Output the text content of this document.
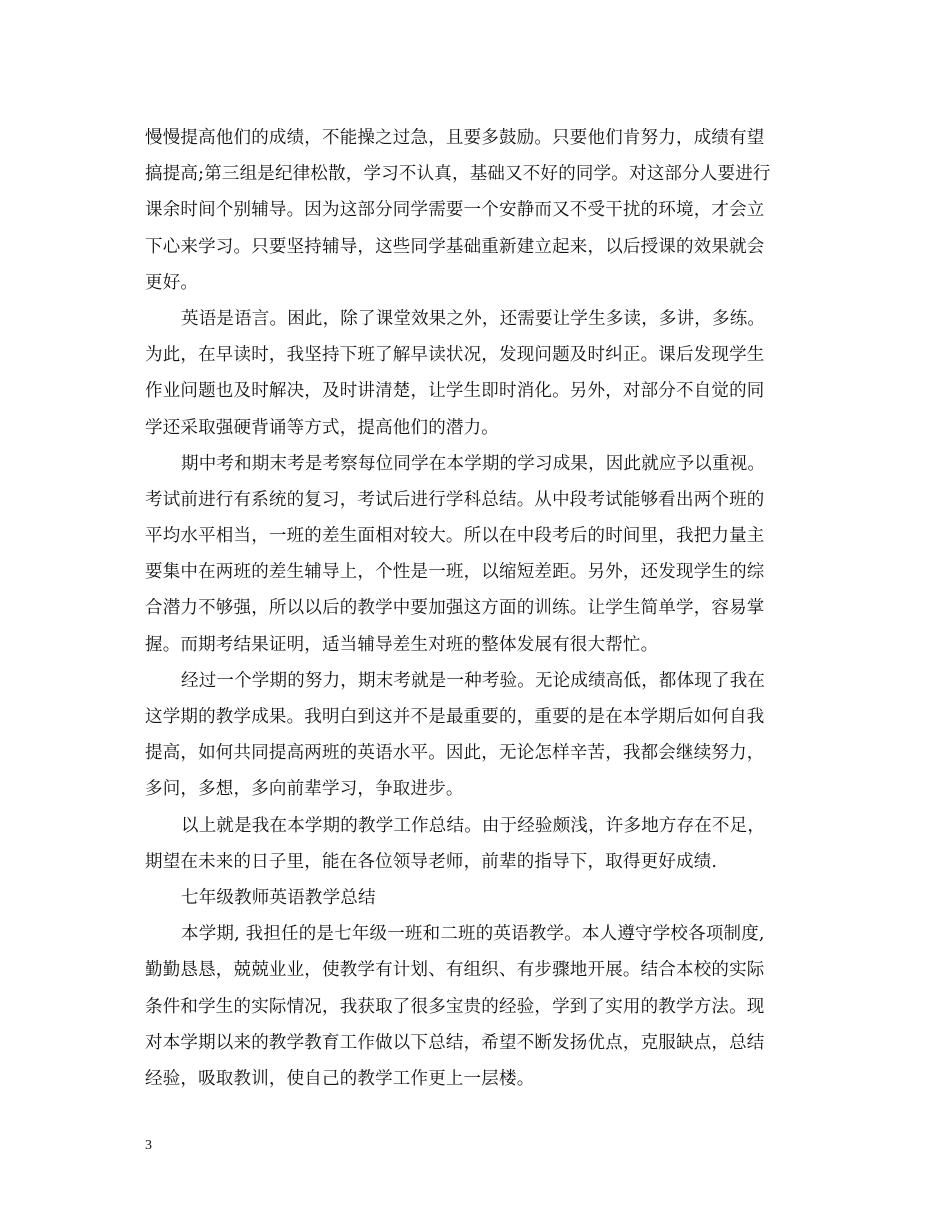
慢慢提高他们的成绩，不能操之过急，且要多鼓励。只要他们肯努力，成绩有望
搞提高;第三组是纪律松散，学习不认真，基础又不好的同学。对这部分人要进行
课余时间个别辅导。因为这部分同学需要一个安静而又不受干扰的环境，才会立
下心来学习。只要坚持辅导，这些同学基础重新建立起来，以后授课的效果就会
更好。
英语是语言。困此，除了课堂效果之外，还需要让学生多读，多讲，多练。
为此，在早读时，我坚持下班了解早读状况，发现问题及时纠正。课后发现学生
作业问题也及时解决，及时讲清楚，让学生即时消化。另外，对部分不自觉的同
学还采取强硬背诵等方式，提高他们的潜力。
期中考和期末考是考察每位同学在本学期的学习成果，因此就应予以重视。
考试前进行有系统的复习，考试后进行学科总结。从中段考试能够看出两个班的
平均水平相当，一班的差生面相对较大。所以在中段考后的时间里，我把力量主
要集中在两班的差生辅导上，个性是一班，以缩短差距。另外，还发现学生的综
合潜力不够强，所以以后的教学中要加强这方面的训练。让学生简单学，容易掌
握。而期考结果证明，适当辅导差生对班的整体发展有很大帮忙。
经过一个学期的努力，期末考就是一种考验。无论成绩高低，都体现了我在
这学期的教学成果。我明白到这并不是最重要的，重要的是在本学期后如何自我
提高，如何共同提高两班的英语水平。因此，无论怎样辛苦，我都会继续努力，
多问，多想，多向前辈学习，争取进步。
以上就是我在本学期的教学工作总结。由于经验颇浅，许多地方存在不足，
期望在未来的日子里，能在各位领导老师，前辈的指导下，取得更好成绩.
七年级教师英语教学总结
本学期, 我担任的是七年级一班和二班的英语教学。本人遵守学校各项制度,
勤勤恳恳，兢兢业业，使教学有计划、有组织、有步骤地开展。结合本校的实际
条件和学生的实际情况，我获取了很多宝贵的经验，学到了实用的教学方法。现
对本学期以来的教学教育工作做以下总结，希望不断发扬优点，克服缺点，总结
经验，吸取教训，使自己的教学工作更上一层楼。
3
